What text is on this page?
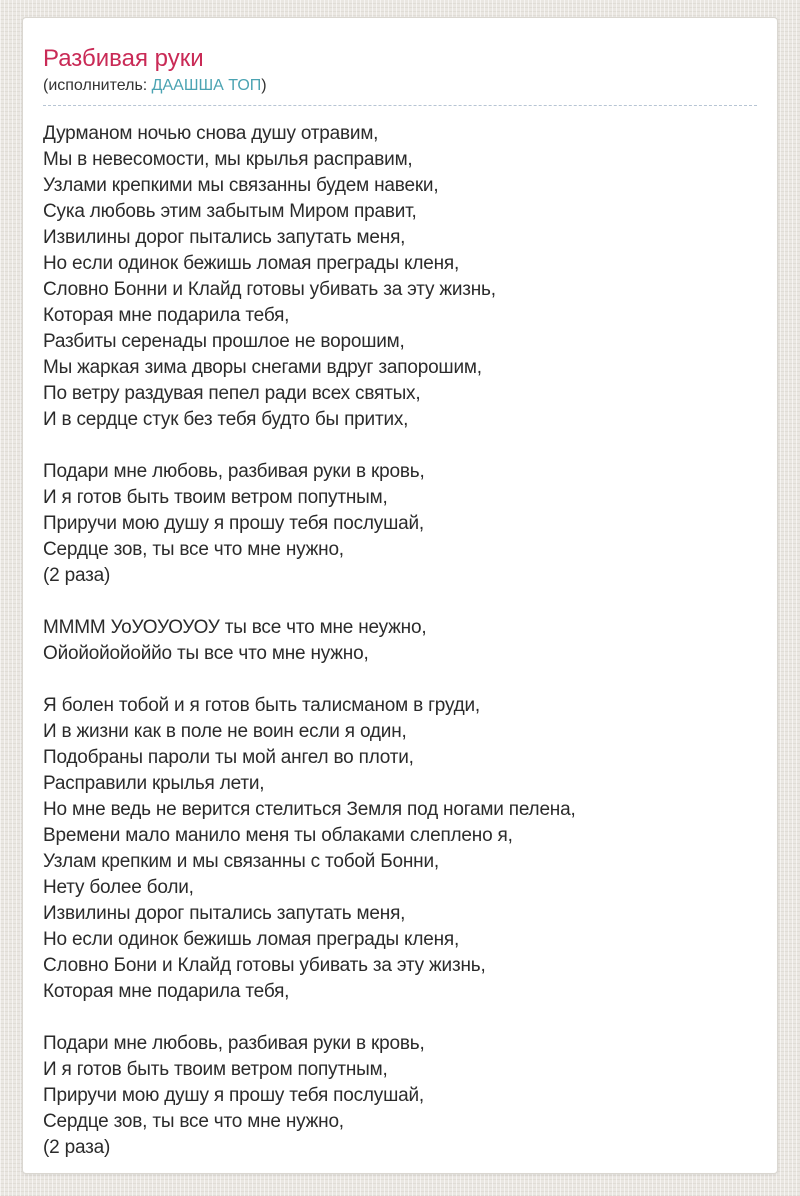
Разбивая руки
(исполнитель: ДААШША ТОП)

Дурманом ночью снова душу отравим,
Мы в невесомости, мы крылья расправим,
Узлами крепкими мы связанны будем навеки,
Сука любовь этим забытым Миром правит,
Извилины дорог пытались запутать меня,
Но если одинок бежишь ломая преграды кленя,
Словно Бонни и Клайд готовы убивать за эту жизнь,
Которая мне подарила тебя,
Разбиты серенады прошлое не ворошим,
Мы жаркая зима дворы снегами вдруг запорошим,
По ветру раздувая пепел ради всех святых,
И в сердце стук без тебя будто бы притих,

Подари мне любовь, разбивая руки в кровь,
И я готов быть твоим ветром попутным,
Приручи мою душу я прошу тебя послушай,
Сердце зов, ты все что мне нужно,
(2 раза)

МММM УоУОУОУОУ ты все что мне неужно,
Ойойойойоййо ты все что мне нужно,

Я болен тобой и я готов быть талисманом в груди,
И в жизни как в поле не воин если я один,
Подобраны пароли ты мой ангел во плоти,
Расправили крылья лети,
Но мне ведь не верится стелиться Земля под ногами пелена,
Времени мало манило меня ты облаками слеплено я,
Узлам крепким и мы связанны с тобой Бонни,
Нету более боли,
Извилины дорог пытались запутать меня,
Но если одинок бежишь ломая преграды кленя,
Словно Бони и Клайд готовы убивать за эту жизнь,
Которая мне подарила тебя,

Подари мне любовь, разбивая руки в кровь,
И я готов быть твоим ветром попутным,
Приручи мою душу я прошу тебя послушай,
Сердце зов, ты все что мне нужно,
(2 раза)
